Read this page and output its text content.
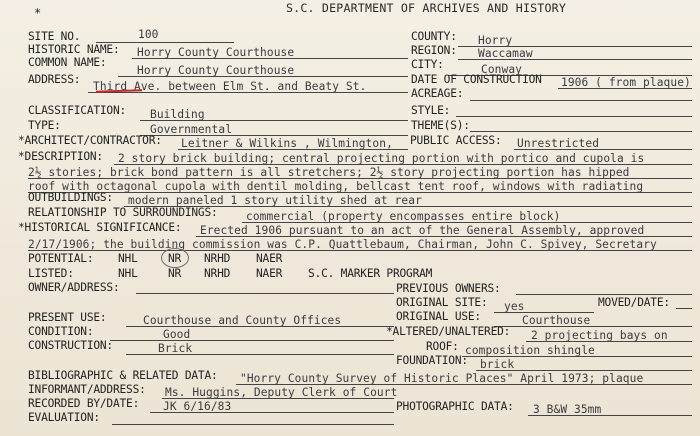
*	S.C. DEPARTMENT OF ARCHIVES AND HISTORY
SITE NO.	100
HISTORIC NAME: Horry County Courthouse
COMMON NAME:
Horry County Courthouse
ADDRESS:
Third Ave. between Elm St. and Beaty St.
COUNTY: Horry
REGION: Waccamaw
CITY:	Conway
DATE OF CONSTRUCTION 1906 ( from plaque)
ACREAGE:
CLASSIFICATION: Building	STYLE:
TYPE:	Governmental	THEME(S):
*ARCHITECT/CONTRACTOR: Leitner & Wilkins , Wilmington, PUBLIC ACCESS: Unrestricted
*DESCRIPTION: 2 story brick building; central projecting portion with portico and cupola is
2½ stories; brick bond pattern is all stretchers; 2½ story projecting portion has hipped
roof with octagonal cupola with dentil molding, bellcast tent roof, windows with radiating
OUTBUILDINGS: modern paneled 1 story utility shed at rear
RELATIONSHIP TO SURROUNDINGS:	commercial (property encompasses entire block)
*HISTORICAL SIGNIFICANCE: Erected 1906 pursuant to an act of the General Assembly, approved
2/17/1906; the building commission was C.P. Quattlebaum, Chairman, John C. Spivey, Secretary
POTENTIAL: NHL	NR NRHD NAER
LISTED:	NHL	NR NRHD NAER S.C. MARKER PROGRAM
OWNER/ADDRESS:	PREVIOUS OWNERS:
ORIGINAL SITE: yes	MOVED/DATE:
PRESENT USE:	Courthouse and County Offices	ORIGINAL USE:	Courthouse
CONDITION:	Good	*ALTERED/UNALTERED: 2 projecting bays on
CONSTRUCTION:	Brick	ROOF: composition shingle
FOUNDATION: brick
BIBLIOGRAPHIC & RELATED DATA: "Horry County Survey of Historic Places" April 1973; plaque
INFORMANT/ADDRESS: Ms. Huggins, Deputy Clerk of Court
RECORDED BY/DATE: JK 6/16/83	PHOTOGRAPHIC DATA: 3 B&W 35mm
EVALUATION:
